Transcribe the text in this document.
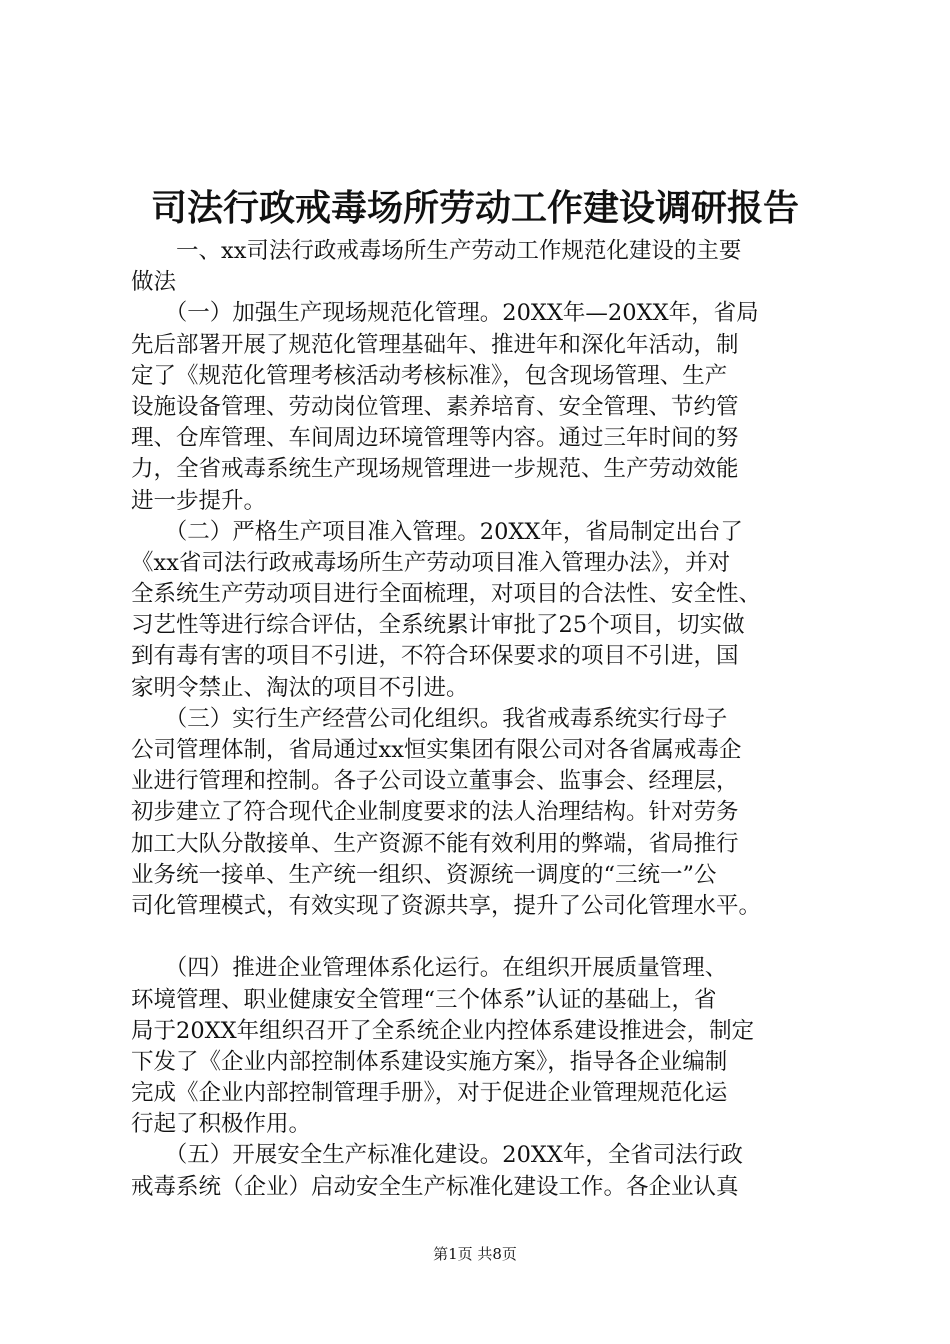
司法行政戒毒场所劳动工作建设调研报告
　　一、xx司法行政戒毒场所生产劳动工作规范化建设的主要
做法
　　（一）加强生产现场规范化管理。20XX年—20XX年，省局
先后部署开展了规范化管理基础年、推进年和深化年活动，制
定了《规范化管理考核活动考核标准》，包含现场管理、生产
设施设备管理、劳动岗位管理、素养培育、安全管理、节约管
理、仓库管理、车间周边环境管理等内容。通过三年时间的努
力，全省戒毒系统生产现场规管理进一步规范、生产劳动效能
进一步提升。
　　（二）严格生产项目准入管理。20XX年，省局制定出台了
《xx省司法行政戒毒场所生产劳动项目准入管理办法》，并对
全系统生产劳动项目进行全面梳理，对项目的合法性、安全性、
习艺性等进行综合评估，全系统累计审批了25个项目，切实做
到有毒有害的项目不引进，不符合环保要求的项目不引进，国
家明令禁止、淘汰的项目不引进。
　　（三）实行生产经营公司化组织。我省戒毒系统实行母子
公司管理体制，省局通过xx恒实集团有限公司对各省属戒毒企
业进行管理和控制。各子公司设立董事会、监事会、经理层，
初步建立了符合现代企业制度要求的法人治理结构。针对劳务
加工大队分散接单、生产资源不能有效利用的弊端，省局推行
业务统一接单、生产统一组织、资源统一调度的“三统一”公
司化管理模式，有效实现了资源共享，提升了公司化管理水平。
　　（四）推进企业管理体系化运行。在组织开展质量管理、
环境管理、职业健康安全管理“三个体系”认证的基础上，省
局于20XX年组织召开了全系统企业内控体系建设推进会，制定
下发了《企业内部控制体系建设实施方案》，指导各企业编制
完成《企业内部控制管理手册》，对于促进企业管理规范化运
行起了积极作用。
　　（五）开展安全生产标准化建设。20XX年，全省司法行政
戒毒系统（企业）启动安全生产标准化建设工作。各企业认真
第1页 共8页
